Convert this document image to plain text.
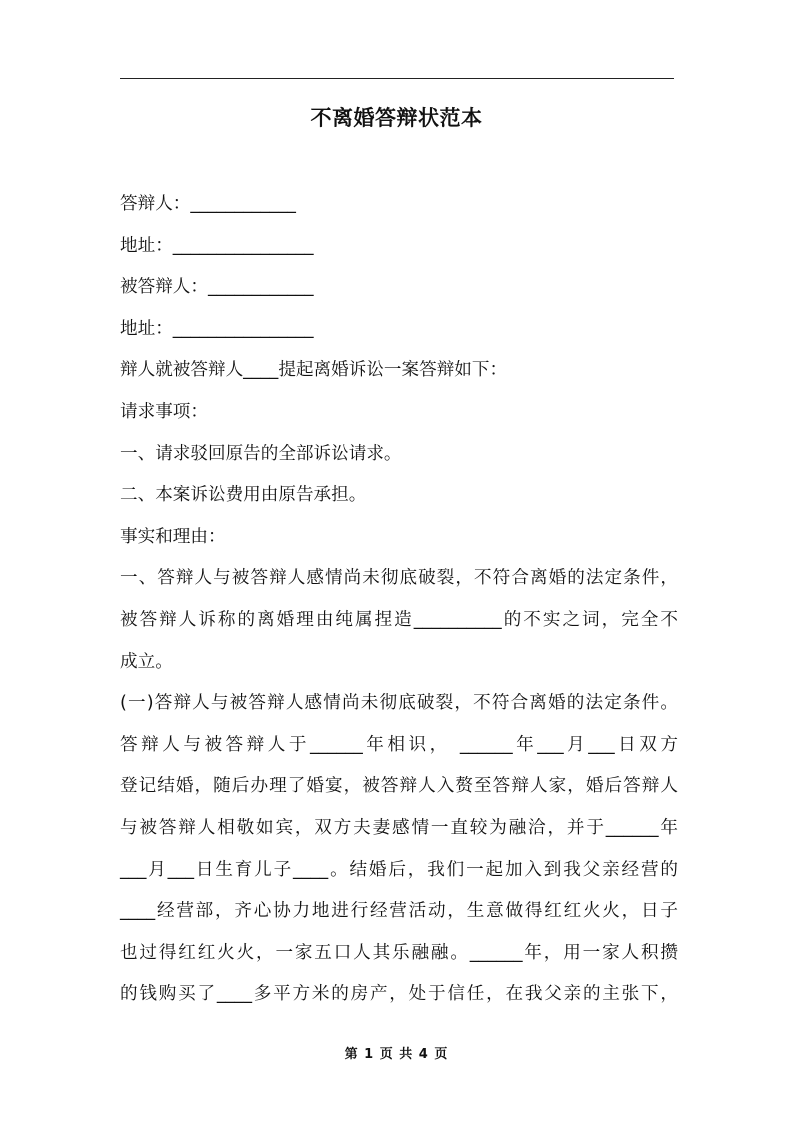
不离婚答辩状范本
答辩人：____________
地址：________________
被答辩人：____________
地址：________________
辩人就被答辩人____提起离婚诉讼一案答辩如下：
请求事项：
一、请求驳回原告的全部诉讼请求。
二、本案诉讼费用由原告承担。
事实和理由：
一、答辩人与被答辩人感情尚未彻底破裂，不符合离婚的法定条件，
被答辩人诉称的离婚理由纯属捏造__________的不实之词，完全不
成立。
(一)答辩人与被答辩人感情尚未彻底破裂，不符合离婚的法定条件。
答辩人与被答辩人于______年相识， ______年___月___日双方
登记结婚，随后办理了婚宴，被答辩人入赘至答辩人家，婚后答辩人
与被答辩人相敬如宾，双方夫妻感情一直较为融洽，并于______年
___月___日生育儿子____。结婚后，我们一起加入到我父亲经营的
____经营部，齐心协力地进行经营活动，生意做得红红火火，日子
也过得红红火火，一家五口人其乐融融。______年，用一家人积攒
的钱购买了____多平方米的房产，处于信任，在我父亲的主张下，
第 1 页 共 4 页
